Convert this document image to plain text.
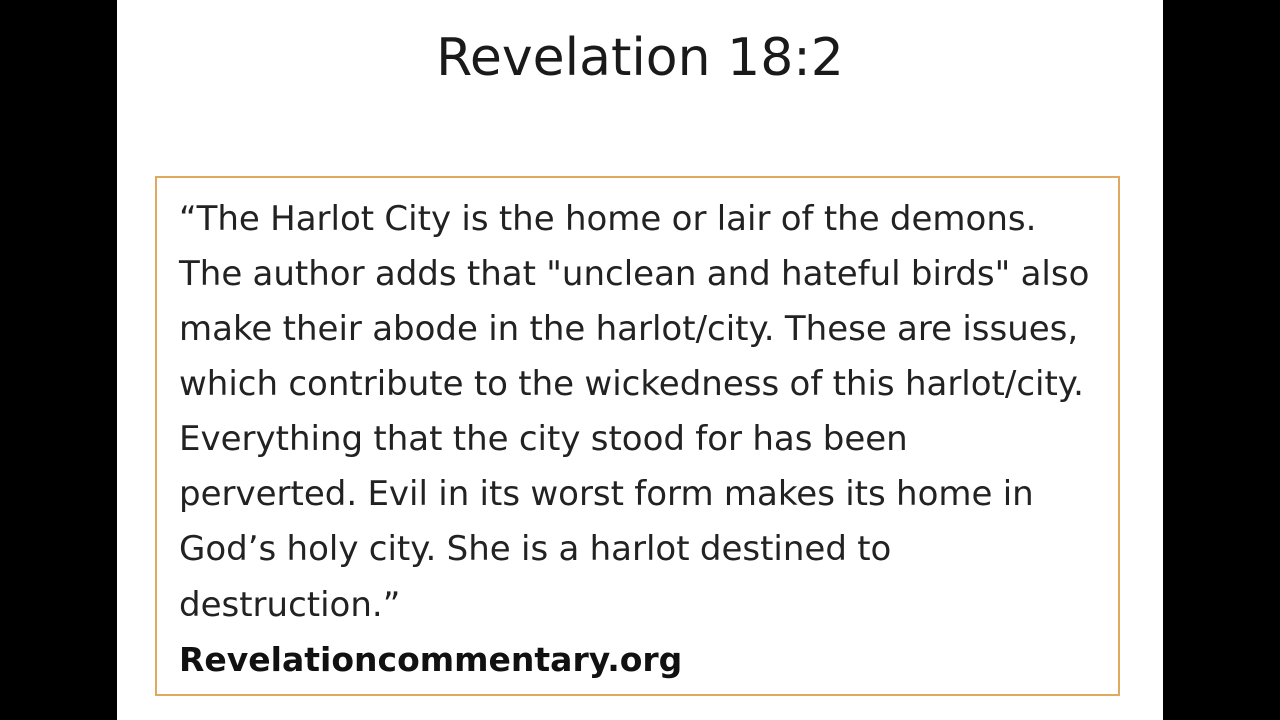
Revelation 18:2

“The Harlot City is the home or lair of the demons. The author adds that "unclean and hateful birds" also make their abode in the harlot/city. These are issues, which contribute to the wickedness of this harlot/city. Everything that the city stood for has been perverted. Evil in its worst form makes its home in God’s holy city. She is a harlot destined to destruction.”

Revelationcommentary.org
